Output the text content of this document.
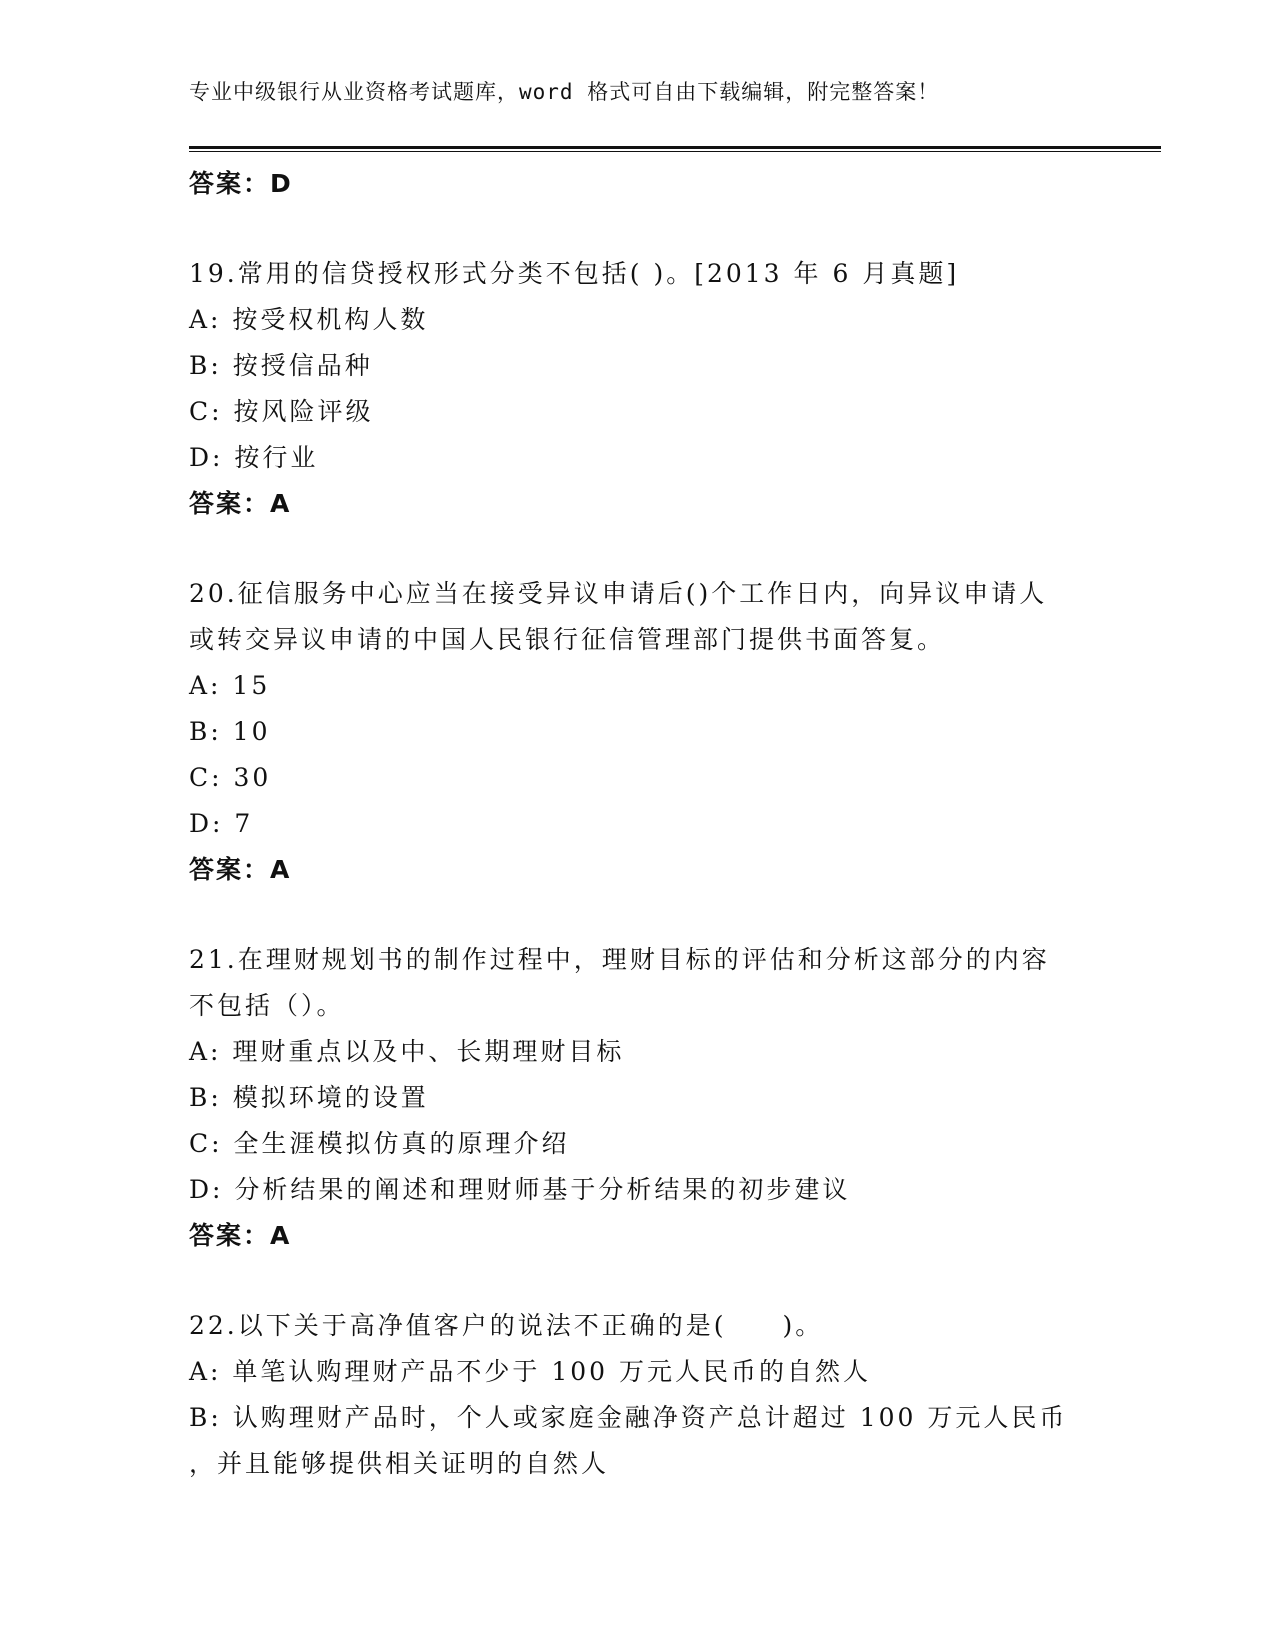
专业中级银行从业资格考试题库，word 格式可自由下载编辑，附完整答案！
答案：D
19.常用的信贷授权形式分类不包括( )。[2013 年 6 月真题]
A: 按受权机构人数
B: 按授信品种
C: 按风险评级
D: 按行业
答案：A
20.征信服务中心应当在接受异议申请后()个工作日内，向异议申请人
或转交异议申请的中国人民银行征信管理部门提供书面答复。
A: 15
B: 10
C: 30
D: 7
答案：A
21.在理财规划书的制作过程中，理财目标的评估和分析这部分的内容
不包括（）。
A: 理财重点以及中、长期理财目标
B: 模拟环境的设置
C: 全生涯模拟仿真的原理介绍
D: 分析结果的阐述和理财师基于分析结果的初步建议
答案：A
22.以下关于高净值客户的说法不正确的是(　　)。
A: 单笔认购理财产品不少于 100 万元人民币的自然人
B: 认购理财产品时，个人或家庭金融净资产总计超过 100 万元人民币
，并且能够提供相关证明的自然人
